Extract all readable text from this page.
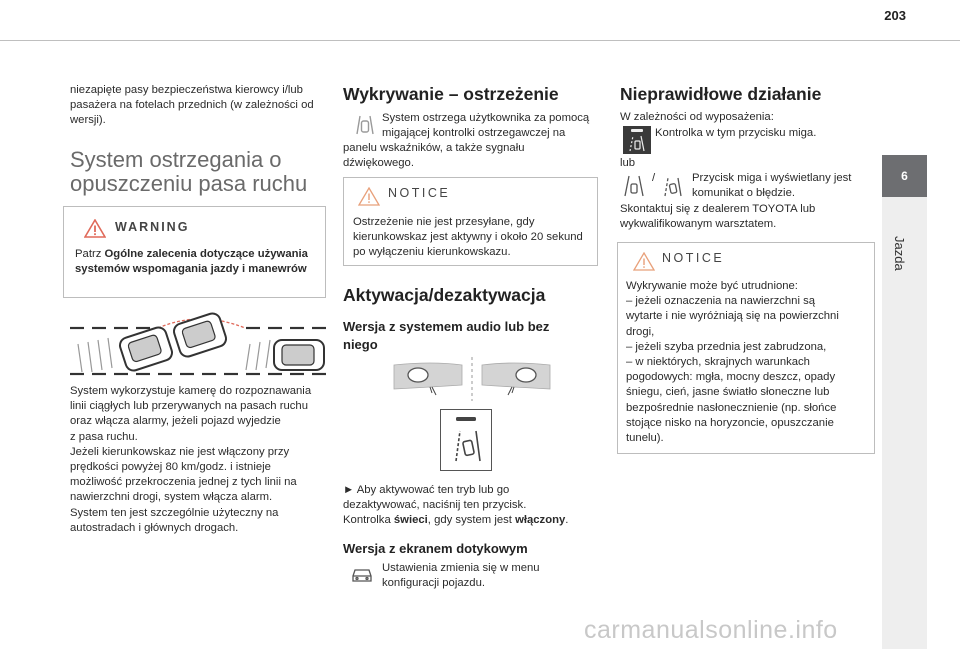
203
6
Jazda
niezapięte pasy bezpieczeństwa kierowcy i/lub pasażera na fotelach przednich (w zależności od wersji).
System ostrzegania o
opuszczeniu pasa ruchu
WARNING
Patrz Ogólne zalecenia dotyczące używania systemów wspomagania jazdy i manewrów
System wykorzystuje kamerę do rozpoznawania
linii ciągłych lub przerywanych na pasach ruchu
oraz włącza alarmy, jeżeli pojazd wyjedzie
z pasa ruchu.
Jeżeli kierunkowskaz nie jest włączony przy
prędkości powyżej 80 km/godz. i istnieje
możliwość przekroczenia jednej z tych linii na
nawierzchni drogi, system włącza alarm.
System ten jest szczególnie użyteczny na
autostradach i głównych drogach.
Wykrywanie – ostrzeżenie
System ostrzega użytkownika za pomocą
migającej kontrolki ostrzegawczej na
panelu wskaźników, a także sygnału
dźwiękowego.
NOTICE
Ostrzeżenie nie jest przesyłane, gdy kierunkowskaz jest aktywny i około 20 sekund po wyłączeniu kierunkowskazu.
Aktywacja/dezaktywacja
Wersja z systemem audio lub bez
niego
► Aby aktywować ten tryb lub go
dezaktywować, naciśnij ten przycisk.
Kontrolka świeci, gdy system jest włączony.
Wersja z ekranem dotykowym
Ustawienia zmienia się w menu
konfiguracji pojazdu.
Nieprawidłowe działanie
W zależności od wyposażenia:
Kontrolka w tym przycisku miga.
lub
/	Przycisk miga i wyświetlany jest
komunikat o błędzie.
Skontaktuj się z dealerem TOYOTA lub
wykwalifikowanym warsztatem.
NOTICE
Wykrywanie może być utrudnione:
– jeżeli oznaczenia na nawierzchni są
wytarte i nie wyróżniają się na powierzchni
drogi,
– jeżeli szyba przednia jest zabrudzona,
– w niektórych, skrajnych warunkach
pogodowych: mgła, mocny deszcz, opady
śniegu, cień, jasne światło słoneczne lub
bezpośrednie nasłonecznienie (np. słońce
stojące nisko na horyzoncie, opuszczanie
tunelu).
carmanualsonline.info
